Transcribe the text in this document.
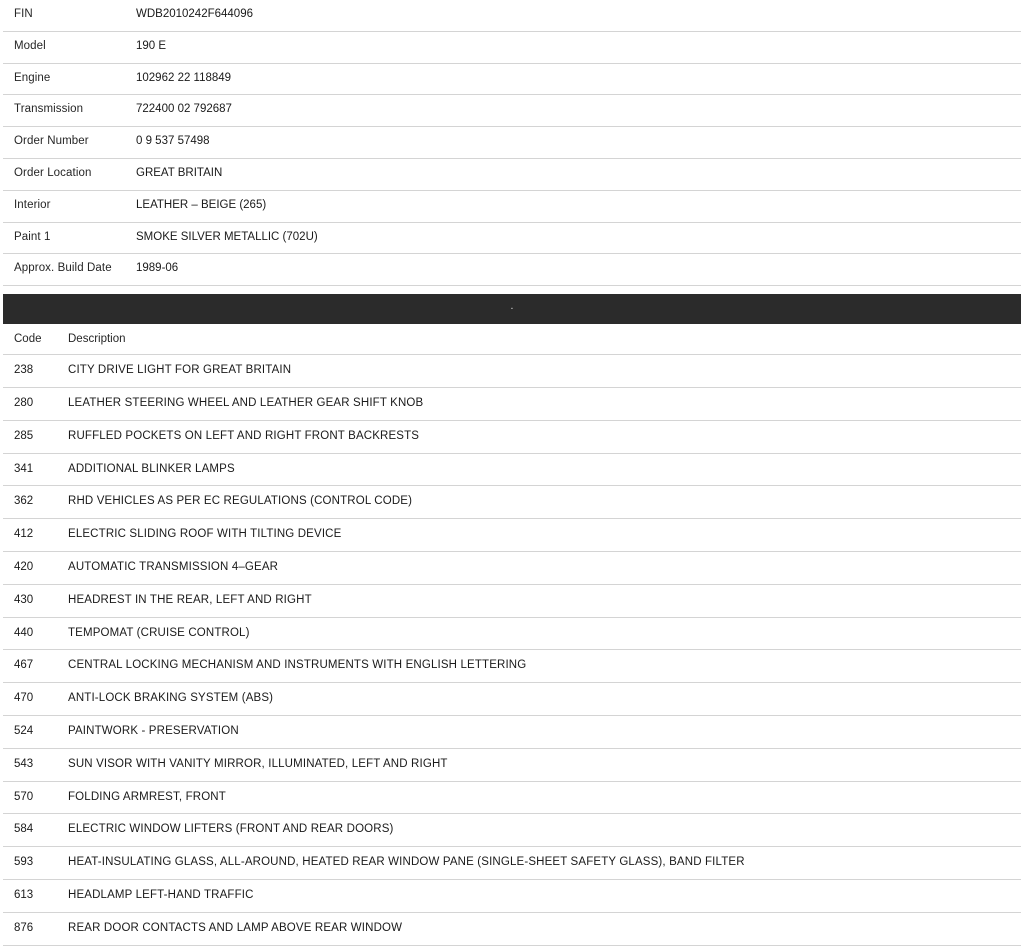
FIN	WDB2010242F644096
Model	190 E
Engine	102962 22 118849
Transmission	722400 02 792687
Order Number	0 9 537 57498
Order Location	GREAT BRITAIN
Interior	LEATHER – BEIGE (265)
Paint 1	SMOKE SILVER METALLIC (702U)
Approx. Build Date	1989-06
·
Code	Description
238	CITY DRIVE LIGHT FOR GREAT BRITAIN
280	LEATHER STEERING WHEEL AND LEATHER GEAR SHIFT KNOB
285	RUFFLED POCKETS ON LEFT AND RIGHT FRONT BACKRESTS
341	ADDITIONAL BLINKER LAMPS
362	RHD VEHICLES AS PER EC REGULATIONS (CONTROL CODE)
412	ELECTRIC SLIDING ROOF WITH TILTING DEVICE
420	AUTOMATIC TRANSMISSION 4–GEAR
430	HEADREST IN THE REAR, LEFT AND RIGHT
440	TEMPOMAT (CRUISE CONTROL)
467	CENTRAL LOCKING MECHANISM AND INSTRUMENTS WITH ENGLISH LETTERING
470	ANTI-LOCK BRAKING SYSTEM (ABS)
524	PAINTWORK - PRESERVATION
543	SUN VISOR WITH VANITY MIRROR, ILLUMINATED, LEFT AND RIGHT
570	FOLDING ARMREST, FRONT
584	ELECTRIC WINDOW LIFTERS (FRONT AND REAR DOORS)
593	HEAT-INSULATING GLASS, ALL-AROUND, HEATED REAR WINDOW PANE (SINGLE-SHEET SAFETY GLASS), BAND FILTER
613	HEADLAMP LEFT-HAND TRAFFIC
876	REAR DOOR CONTACTS AND LAMP ABOVE REAR WINDOW
